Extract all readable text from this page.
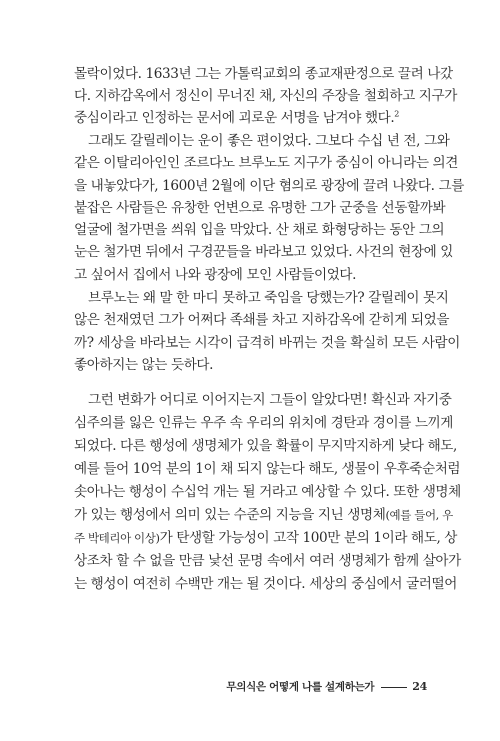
몰락이었다. 1633년 그는 가톨릭교회의 종교재판정으로 끌려 나갔
다. 지하감옥에서 정신이 무너진 채, 자신의 주장을 철회하고 지구가
중심이라고 인정하는 문서에 괴로운 서명을 남겨야 했다.$^2$
그래도 갈릴레이는 운이 좋은 편이었다. 그보다 수십 년 전, 그와
같은 이탈리아인인 조르다노 브루노도 지구가 중심이 아니라는 의견
을 내놓았다가, 1600년 2월에 이단 혐의로 광장에 끌려 나왔다. 그를
붙잡은 사람들은 유창한 언변으로 유명한 그가 군중을 선동할까봐
얼굴에 철가면을 씌워 입을 막았다. 산 채로 화형당하는 동안 그의
눈은 철가면 뒤에서 구경꾼들을 바라보고 있었다. 사건의 현장에 있
고 싶어서 집에서 나와 광장에 모인 사람들이었다.
브루노는 왜 말 한 마디 못하고 죽임을 당했는가? 갈릴레이 못지
않은 천재였던 그가 어쩌다 족쇄를 차고 지하감옥에 갇히게 되었을
까? 세상을 바라보는 시각이 급격히 바뀌는 것을 확실히 모든 사람이
좋아하지는 않는 듯하다.
그런 변화가 어디로 이어지는지 그들이 알았다면! 확신과 자기중
심주의를 잃은 인류는 우주 속 우리의 위치에 경탄과 경이를 느끼게
되었다. 다른 행성에 생명체가 있을 확률이 무지막지하게 낮다 해도,
예를 들어 10억 분의 1이 채 되지 않는다 해도, 생물이 우후죽순처럼
솟아나는 행성이 수십억 개는 될 거라고 예상할 수 있다. 또한 생명체
가 있는 행성에서 의미 있는 수준의 지능을 지닌 생명체(예를 들어, 우
주 박테리아 이상)가 탄생할 가능성이 고작 100만 분의 1이라 해도, 상
상조차 할 수 없을 만큼 낯선 문명 속에서 여러 생명체가 함께 살아가
는 행성이 여전히 수백만 개는 될 것이다. 세상의 중심에서 굴러떨어
무의식은 어떻게 나를 설계하는가	24
